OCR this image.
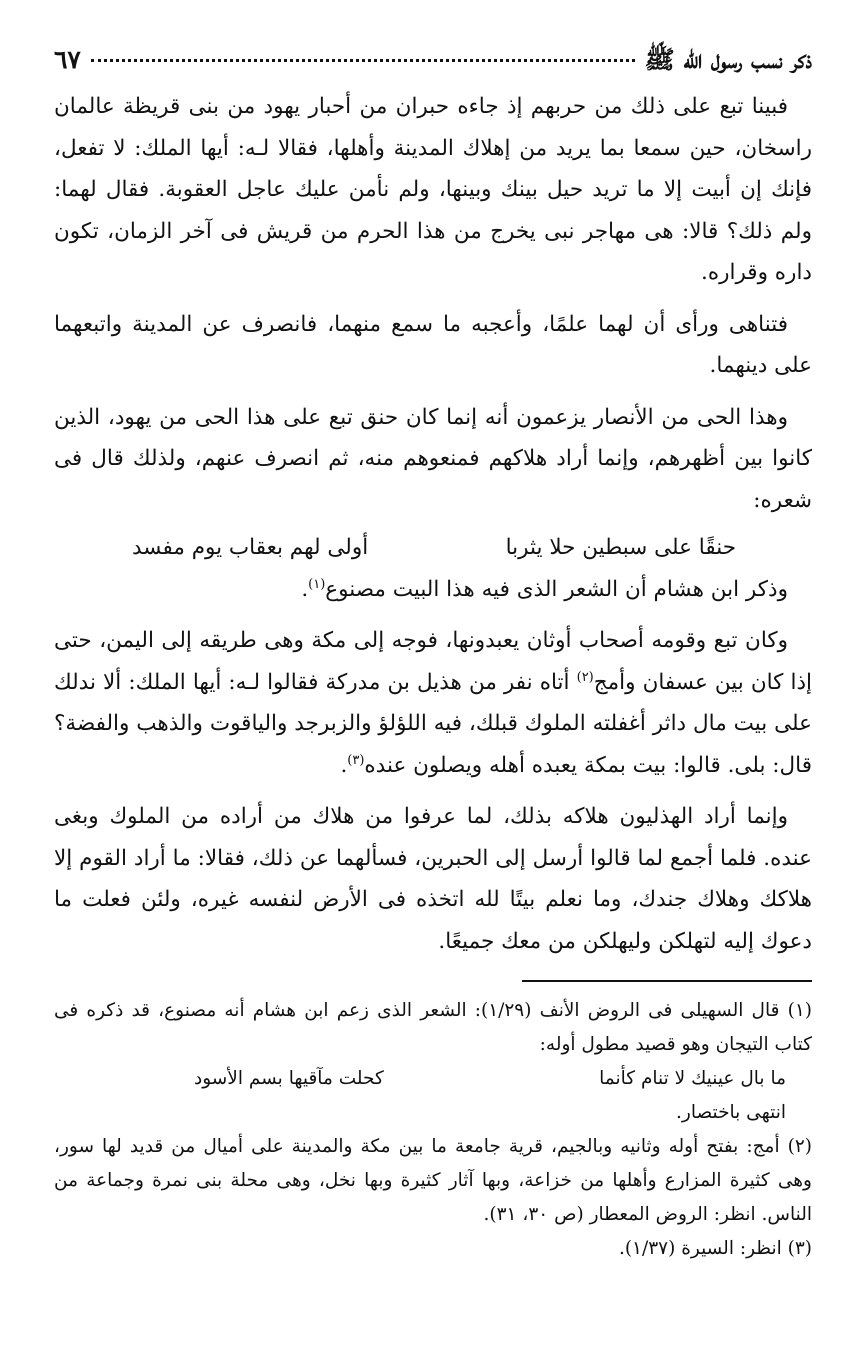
ذكر نسب رسول الله ﷺ
٦٧

فبينا تبع على ذلك من حربهم إذ جاءه حبران من أحبار يهود من بنى قريظة عالمان راسخان، حين سمعا بما يريد من إهلاك المدينة وأهلها، فقالا لـه: أيها الملك: لا تفعل، فإنك إن أبيت إلا ما تريد حيل بينك وبينها، ولم نأمن عليك عاجل العقوبة. فقال لهما: ولم ذلك؟ قالا: هى مهاجر نبى يخرج من هذا الحرم من قريش فى آخر الزمان، تكون داره وقراره.

فتناهى ورأى أن لهما علمًا، وأعجبه ما سمع منهما، فانصرف عن المدينة واتبعهما على دينهما.

وهذا الحى من الأنصار يزعمون أنه إنما كان حنق تبع على هذا الحى من يهود، الذين كانوا بين أظهرهم، وإنما أراد هلاكهم فمنعوهم منه، ثم انصرف عنهم، ولذلك قال فى شعره:

حنقًا على سبطين حلا يثربا
أولى لهم بعقاب يوم مفسد

وذكر ابن هشام أن الشعر الذى فيه هذا البيت مصنوع$^{(١)}$.

وكان تبع وقومه أصحاب أوثان يعبدونها، فوجه إلى مكة وهى طريقه إلى اليمن، حتى إذا كان بين عسفان وأمج$^{(٢)}$ أتاه نفر من هذيل بن مدركة فقالوا لـه: أيها الملك: ألا ندلك على بيت مال داثر أغفلته الملوك قبلك، فيه اللؤلؤ والزبرجد والياقوت والذهب والفضة؟ قال: بلى. قالوا: بيت بمكة يعبده أهله ويصلون عنده$^{(٣)}$.

وإنما أراد الهذليون هلاكه بذلك، لما عرفوا من هلاك من أراده من الملوك وبغى عنده. فلما أجمع لما قالوا أرسل إلى الحبرين، فسألهما عن ذلك، فقالا: ما أراد القوم إلا هلاكك وهلاك جندك، وما نعلم بيتًا لله اتخذه فى الأرض لنفسه غيره، ولئن فعلت ما دعوك إليه لتهلكن وليهلكن من معك جميعًا.

(١) قال السهيلى فى الروض الأنف (١/٢٩): الشعر الذى زعم ابن هشام أنه مصنوع، قد ذكره فى كتاب التيجان وهو قصيد مطول أوله:

ما بال عينيك لا تنام كأنما
كحلت مآقيها بسم الأسود

انتهى باختصار.

(٢) أمج: بفتح أوله وثانيه وبالجيم، قرية جامعة ما بين مكة والمدينة على أميال من قديد لها سور، وهى كثيرة المزارع وأهلها من خزاعة، وبها آثار كثيرة وبها نخل، وهى محلة بنى نمرة وجماعة من الناس. انظر: الروض المعطار (ص ٣٠، ٣١).

(٣) انظر: السيرة (١/٣٧).
